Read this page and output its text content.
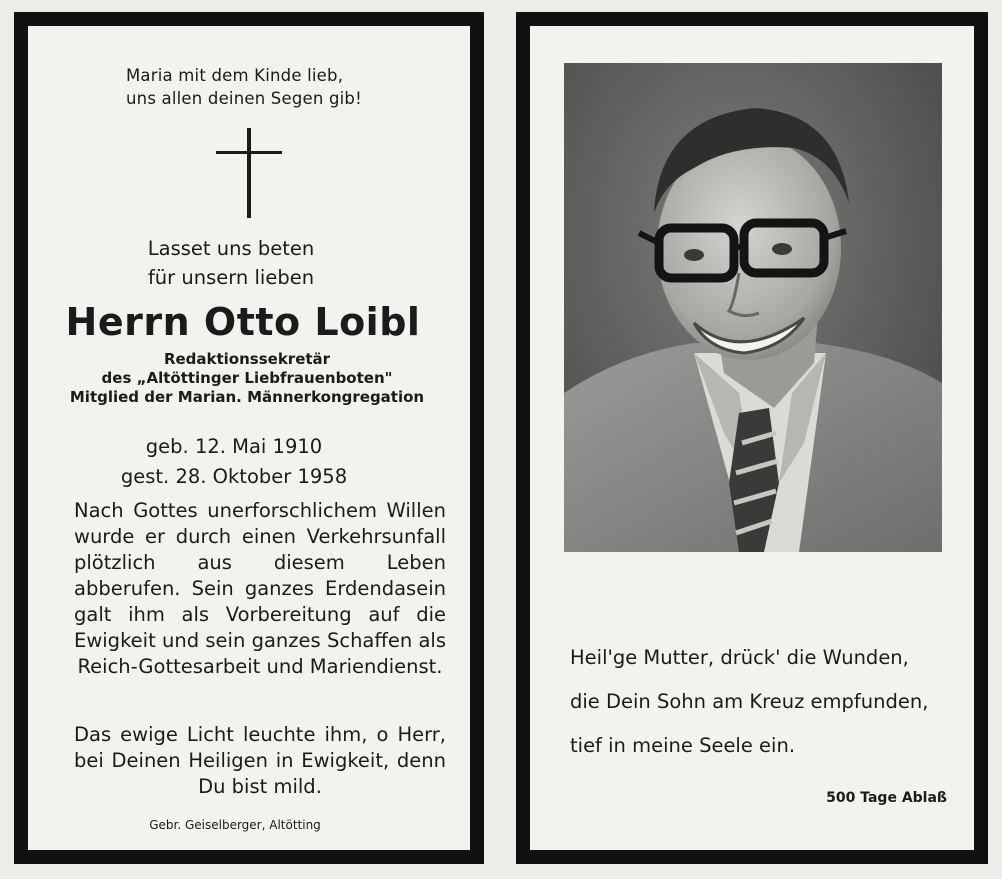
Maria mit dem Kinde lieb,
uns allen deinen Segen gib!
Lasset uns beten
für unsern lieben
Herrn Otto Loibl
Redaktionssekretär
des „Altöttinger Liebfrauenboten"
Mitglied der Marian. Männerkongregation
geb. 12. Mai 1910
gest. 28. Oktober 1958
Nach Gottes unerforschlichem Willen wurde er durch einen Verkehrsunfall plötzlich aus diesem Leben abberufen. Sein ganzes Erdendasein galt ihm als Vorbereitung auf die Ewigkeit und sein ganzes Schaffen als Reich-Gottesarbeit und Mariendienst.
Das ewige Licht leuchte ihm, o Herr, bei Deinen Heiligen in Ewigkeit, denn Du bist mild.
Gebr. Geiselberger, Altötting
Heil'ge Mutter, drück' die Wunden,
die Dein Sohn am Kreuz empfunden,
tief in meine Seele ein.
500 Tage Ablaß
